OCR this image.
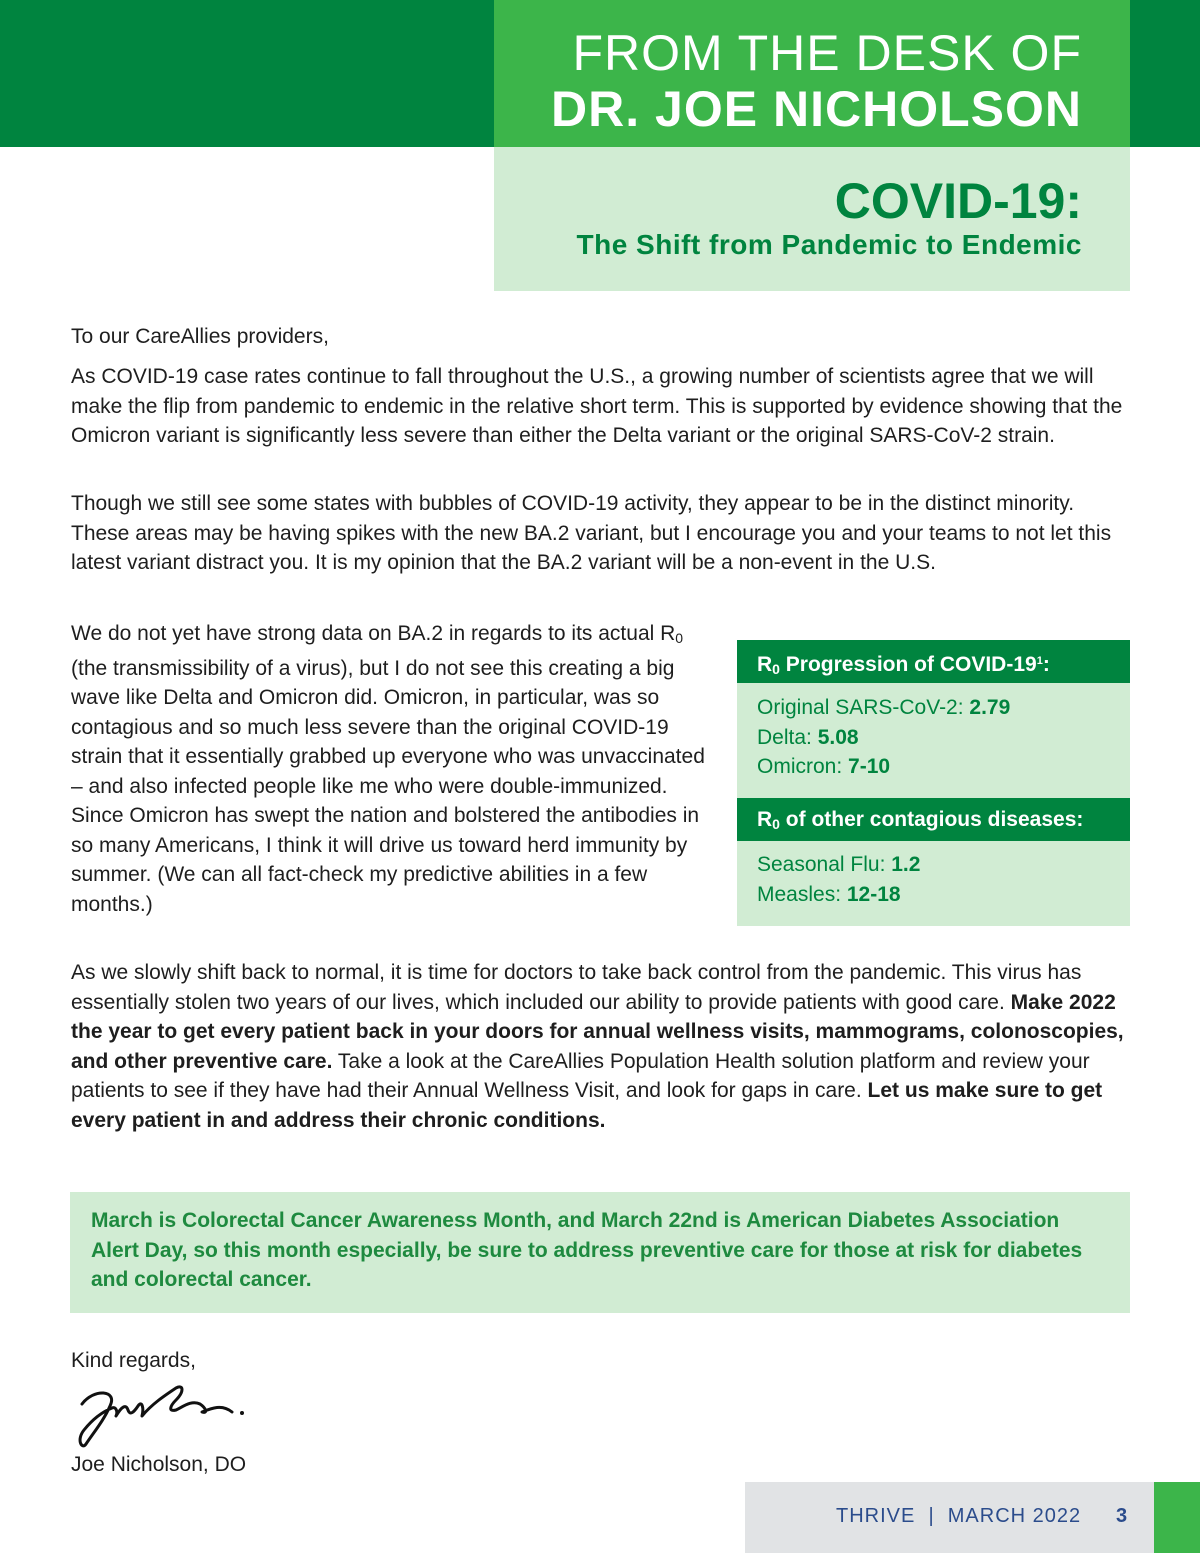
FROM THE DESK OF
DR. JOE NICHOLSON
COVID-19:
The Shift from Pandemic to Endemic

To our CareAllies providers,

As COVID-19 case rates continue to fall throughout the U.S., a growing number of scientists agree that we will make the flip from pandemic to endemic in the relative short term. This is supported by evidence showing that the Omicron variant is significantly less severe than either the Delta variant or the original SARS-CoV-2 strain.

Though we still see some states with bubbles of COVID-19 activity, they appear to be in the distinct minority. These areas may be having spikes with the new BA.2 variant, but I encourage you and your teams to not let this latest variant distract you. It is my opinion that the BA.2 variant will be a non-event in the U.S.

We do not yet have strong data on BA.2 in regards to its actual R0 (the transmissibility of a virus), but I do not see this creating a big wave like Delta and Omicron did. Omicron, in particular, was so contagious and so much less severe than the original COVID-19 strain that it essentially grabbed up everyone who was unvaccinated – and also infected people like me who were double-immunized. Since Omicron has swept the nation and bolstered the antibodies in so many Americans, I think it will drive us toward herd immunity by summer. (We can all fact-check my predictive abilities in a few months.)

As we slowly shift back to normal, it is time for doctors to take back control from the pandemic. This virus has essentially stolen two years of our lives, which included our ability to provide patients with good care. Make 2022 the year to get every patient back in your doors for annual wellness visits, mammograms, colonoscopies, and other preventive care. Take a look at the CareAllies Population Health solution platform and review your patients to see if they have had their Annual Wellness Visit, and look for gaps in care. Let us make sure to get every patient in and address their chronic conditions.

R0 Progression of COVID-$19^1$:
Original SARS-CoV-2: 2.79
Delta: 5.08
Omicron: 7-10
R0 of other contagious diseases:
Seasonal Flu: 1.2
Measles: 12-18

March is Colorectal Cancer Awareness Month, and March 22nd is American Diabetes Association Alert Day, so this month especially, be sure to address preventive care for those at risk for diabetes and colorectal cancer.

Kind regards,

Joe Nicholson, DO

THRIVE  |  MARCH 2022 3
